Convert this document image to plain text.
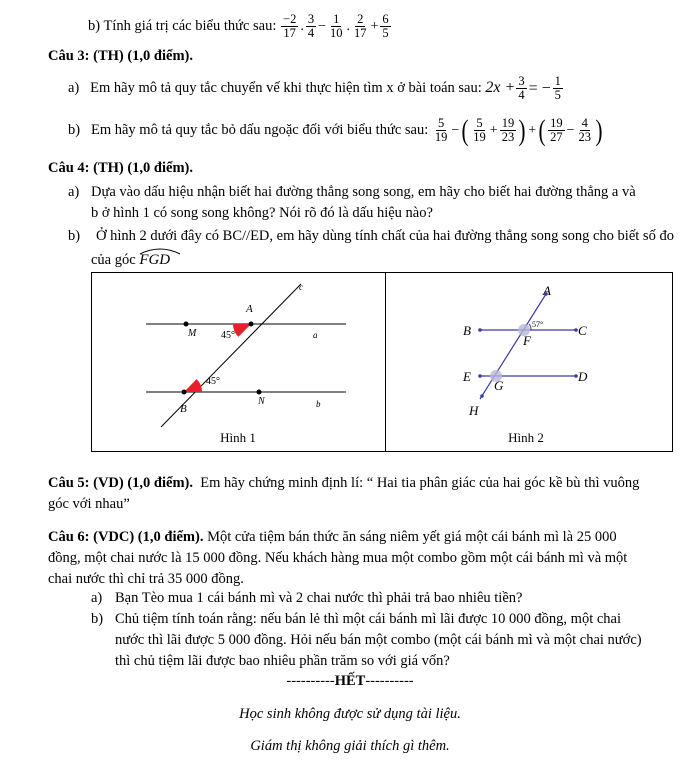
b) Tính giá trị các biểu thức sau: $\frac{-2}{17}$ . $\frac{3}{4} - \frac{1}{10}$ . $\frac{2}{17} + \frac{6}{5}$
Câu 3: (TH) (1,0 điểm).
a) Em hãy mô tả quy tắc chuyển vế khi thực hiện tìm x ở bài toán sau: $2x + \frac{3}{4}$ = − $\frac{1}{5}$
b) Em hãy mô tả quy tắc bỏ dấu ngoặc đối với biểu thức sau: $\frac{5}{19}$ −( $\frac{5}{19} + \frac{19}{23}$ ) +( $\frac{19}{27} - \frac{4}{23}$ )
Câu 4: (TH) (1,0 điểm).
a) Dựa vào dấu hiệu nhận biết hai đường thẳng song song, em hãy cho biết hai đường thẳng a và
b ở hình 1 có song song không? Nói rõ đó là dấu hiệu nào?
b) Ở hình 2 dưới đây có BC//ED, em hãy dùng tính chất của hai đường thẳng song song cho biết số đo
của góc FGD
c
A
M 45°	a
45°
B
N	b
Hình 1
A
B	C
57°
F
E
G
D
H
Hình 2
Câu 5: (VD) (1,0 điểm). Em hãy chứng minh định lí: “ Hai tia phân giác của hai góc kề bù thì vuông
góc với nhau”
Câu 6: (VDC) (1,0 điểm). Một cửa tiệm bán thức ăn sáng niêm yết giá một cái bánh mì là 25 000
đồng, một chai nước là 15 000 đồng. Nếu khách hàng mua một combo gồm một cái bánh mì và một
chai nước thì chỉ trả 35 000 đồng.
a) Bạn Tèo mua 1 cái bánh mì và 2 chai nước thì phải trả bao nhiêu tiền?
b) Chủ tiệm tính toán rằng: nếu bán lẻ thì một cái bánh mì lãi được 10 000 đồng, một chai
nước thì lãi được 5 000 đồng. Hỏi nếu bán một combo (một cái bánh mì và một chai nước)
thì chủ tiệm lãi được bao nhiêu phần trăm so với giá vốn?
----------HẾT----------
Học sinh không được sử dụng tài liệu.
Giám thị không giải thích gì thêm.
